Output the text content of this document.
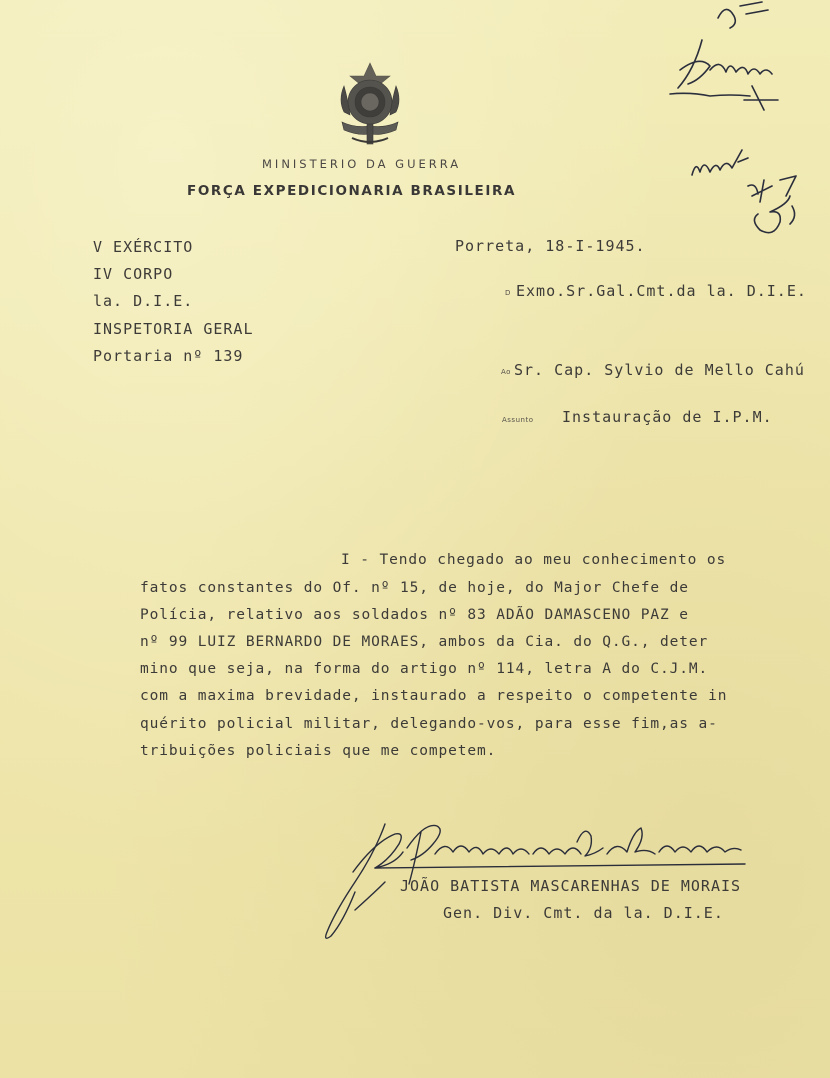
MINISTERIO DA GUERRA
FORÇA EXPEDICIONARIA BRASILEIRA
V EXÉRCITO
IV CORPO
la. D.I.E.
INSPETORIA GERAL
Portaria nº 139
Porreta, 18-I-1945.
D Exmo.Sr.Gal.Cmt.da la. D.I.E.
Ao Sr. Cap. Sylvio de Mello Cahú
Assunto Instauração de I.P.M.
I - Tendo chegado ao meu conhecimento os
fatos constantes do Of. nº 15, de hoje, do Major Chefe de
Polícia, relativo aos soldados nº 83 ADÃO DAMASCENO PAZ e
nº 99 LUIZ BERNARDO DE MORAES, ambos da Cia. do Q.G., deter
mino que seja, na forma do artigo nº 114, letra A do C.J.M.
com a maxima brevidade, instaurado a respeito o competente in
quérito policial militar, delegando-vos, para esse fim,as a-
tribuições policiais que me competem.
JOÃO BATISTA MASCARENHAS DE MORAIS
Gen. Div. Cmt. da la. D.I.E.
